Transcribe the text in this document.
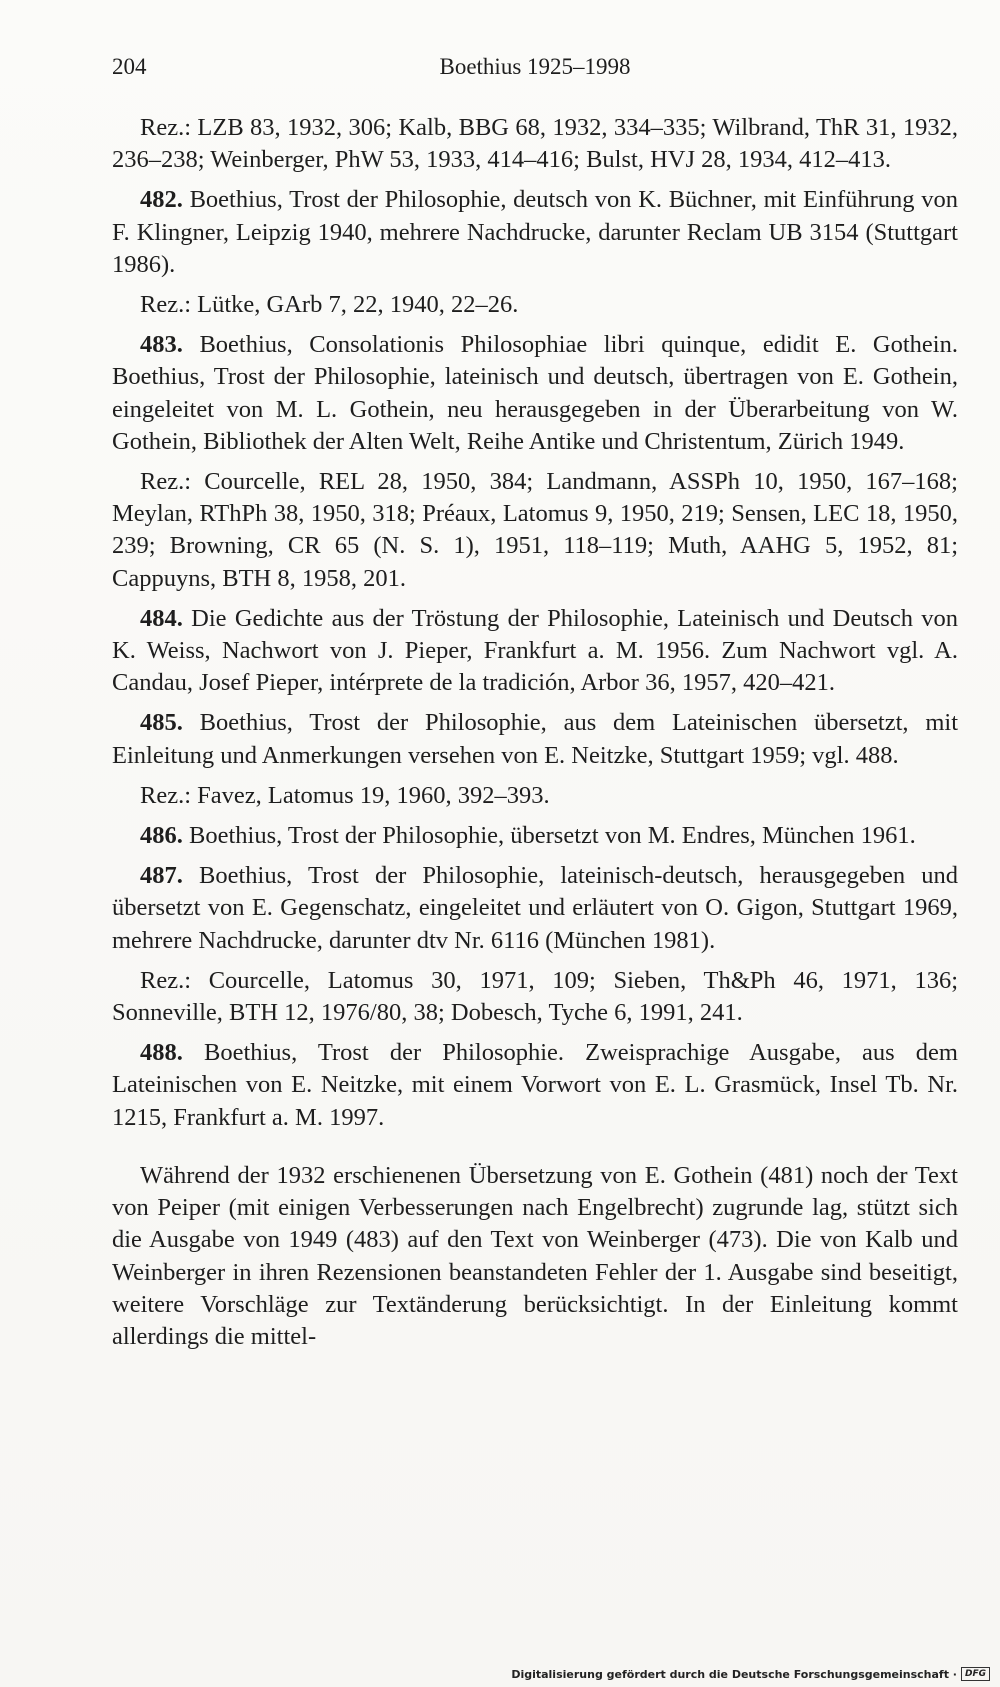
204	Boethius 1925–1998

Rez.: LZB 83, 1932, 306; Kalb, BBG 68, 1932, 334–335; Wilbrand, ThR 31, 1932, 236–238; Weinberger, PhW 53, 1933, 414–416; Bulst, HVJ 28, 1934, 412–413.

482. Boethius, Trost der Philosophie, deutsch von K. Büchner, mit Einführung von F. Klingner, Leipzig 1940, mehrere Nachdrucke, darunter Reclam UB 3154 (Stuttgart 1986).

Rez.: Lütke, GArb 7, 22, 1940, 22–26.

483. Boethius, Consolationis Philosophiae libri quinque, edidit E. Gothein. Boethius, Trost der Philosophie, lateinisch und deutsch, übertragen von E. Gothein, eingeleitet von M. L. Gothein, neu herausgegeben in der Überarbeitung von W. Gothein, Bibliothek der Alten Welt, Reihe Antike und Christentum, Zürich 1949.

Rez.: Courcelle, REL 28, 1950, 384; Landmann, ASSPh 10, 1950, 167–168; Meylan, RThPh 38, 1950, 318; Préaux, Latomus 9, 1950, 219; Sensen, LEC 18, 1950, 239; Browning, CR 65 (N. S. 1), 1951, 118–119; Muth, AAHG 5, 1952, 81; Cappuyns, BTH 8, 1958, 201.

484. Die Gedichte aus der Tröstung der Philosophie, Lateinisch und Deutsch von K. Weiss, Nachwort von J. Pieper, Frankfurt a. M. 1956. Zum Nachwort vgl. A. Candau, Josef Pieper, intérprete de la tradición, Arbor 36, 1957, 420–421.

485. Boethius, Trost der Philosophie, aus dem Lateinischen übersetzt, mit Einleitung und Anmerkungen versehen von E. Neitzke, Stuttgart 1959; vgl. 488.

Rez.: Favez, Latomus 19, 1960, 392–393.

486. Boethius, Trost der Philosophie, übersetzt von M. Endres, München 1961.

487. Boethius, Trost der Philosophie, lateinisch-deutsch, herausgegeben und übersetzt von E. Gegenschatz, eingeleitet und erläutert von O. Gigon, Stuttgart 1969, mehrere Nachdrucke, darunter dtv Nr. 6116 (München 1981).

Rez.: Courcelle, Latomus 30, 1971, 109; Sieben, Th&Ph 46, 1971, 136; Sonneville, BTH 12, 1976/80, 38; Dobesch, Tyche 6, 1991, 241.

488. Boethius, Trost der Philosophie. Zweisprachige Ausgabe, aus dem Lateinischen von E. Neitzke, mit einem Vorwort von E. L. Grasmück, Insel Tb. Nr. 1215, Frankfurt a. M. 1997.

Während der 1932 erschienenen Übersetzung von E. Gothein (481) noch der Text von Peiper (mit einigen Verbesserungen nach Engelbrecht) zugrunde lag, stützt sich die Ausgabe von 1949 (483) auf den Text von Weinberger (473). Die von Kalb und Weinberger in ihren Rezensionen beanstandeten Fehler der 1. Ausgabe sind beseitigt, weitere Vorschläge zur Textänderung berücksichtigt. In der Einleitung kommt allerdings die mittel-

Digitalisierung gefördert durch die Deutsche Forschungsgemeinschaft · DFG
